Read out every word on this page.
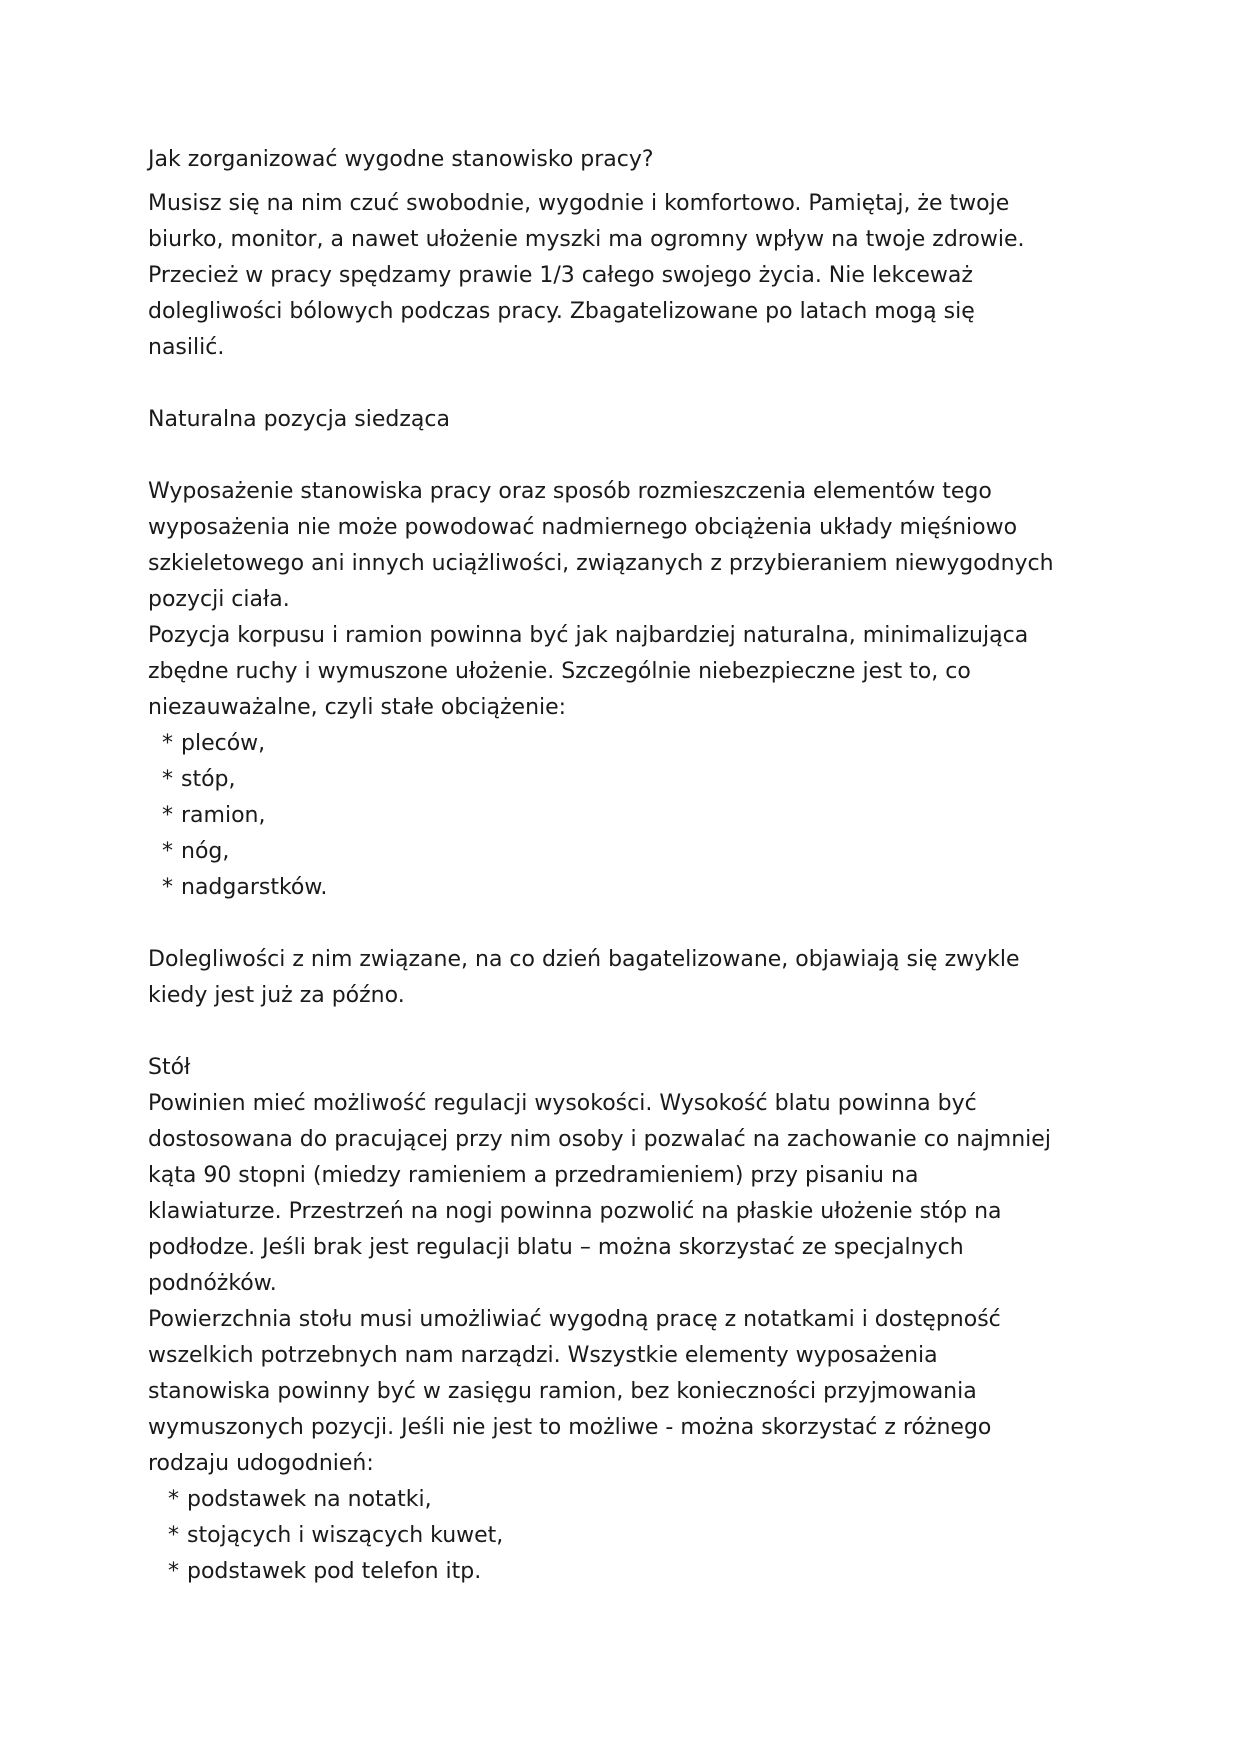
Jak zorganizować wygodne stanowisko pracy?

Musisz się na nim czuć swobodnie, wygodnie i komfortowo. Pamiętaj, że twoje
biurko, monitor, a nawet ułożenie myszki ma ogromny wpływ na twoje zdrowie.
Przecież w pracy spędzamy prawie 1/3 całego swojego życia. Nie lekceważ
dolegliwości bólowych podczas pracy. Zbagatelizowane po latach mogą się
nasilić.

Naturalna pozycja siedząca

Wyposażenie stanowiska pracy oraz sposób rozmieszczenia elementów tego
wyposażenia nie może powodować nadmiernego obciążenia układy mięśniowo
szkieletowego ani innych uciążliwości, związanych z przybieraniem niewygodnych
pozycji ciała.

Pozycja korpusu i ramion powinna być jak najbardziej naturalna, minimalizująca
zbędne ruchy i wymuszone ułożenie. Szczególnie niebezpieczne jest to, co
niezauważalne, czyli stałe obciążenie:

* pleców,
* stóp,
* ramion,
* nóg,
* nadgarstków.

Dolegliwości z nim związane, na co dzień bagatelizowane, objawiają się zwykle
kiedy jest już za późno.

Stół

Powinien mieć możliwość regulacji wysokości. Wysokość blatu powinna być
dostosowana do pracującej przy nim osoby i pozwalać na zachowanie co najmniej
kąta 90 stopni (miedzy ramieniem a przedramieniem) przy pisaniu na
klawiaturze. Przestrzeń na nogi powinna pozwolić na płaskie ułożenie stóp na
podłodze. Jeśli brak jest regulacji blatu – można skorzystać ze specjalnych
podnóżków.

Powierzchnia stołu musi umożliwiać wygodną pracę z notatkami i dostępność
wszelkich potrzebnych nam narządzi. Wszystkie elementy wyposażenia
stanowiska powinny być w zasięgu ramion, bez konieczności przyjmowania
wymuszonych pozycji. Jeśli nie jest to możliwe - można skorzystać z różnego
rodzaju udogodnień:

* podstawek na notatki,
* stojących i wiszących kuwet,
* podstawek pod telefon itp.
